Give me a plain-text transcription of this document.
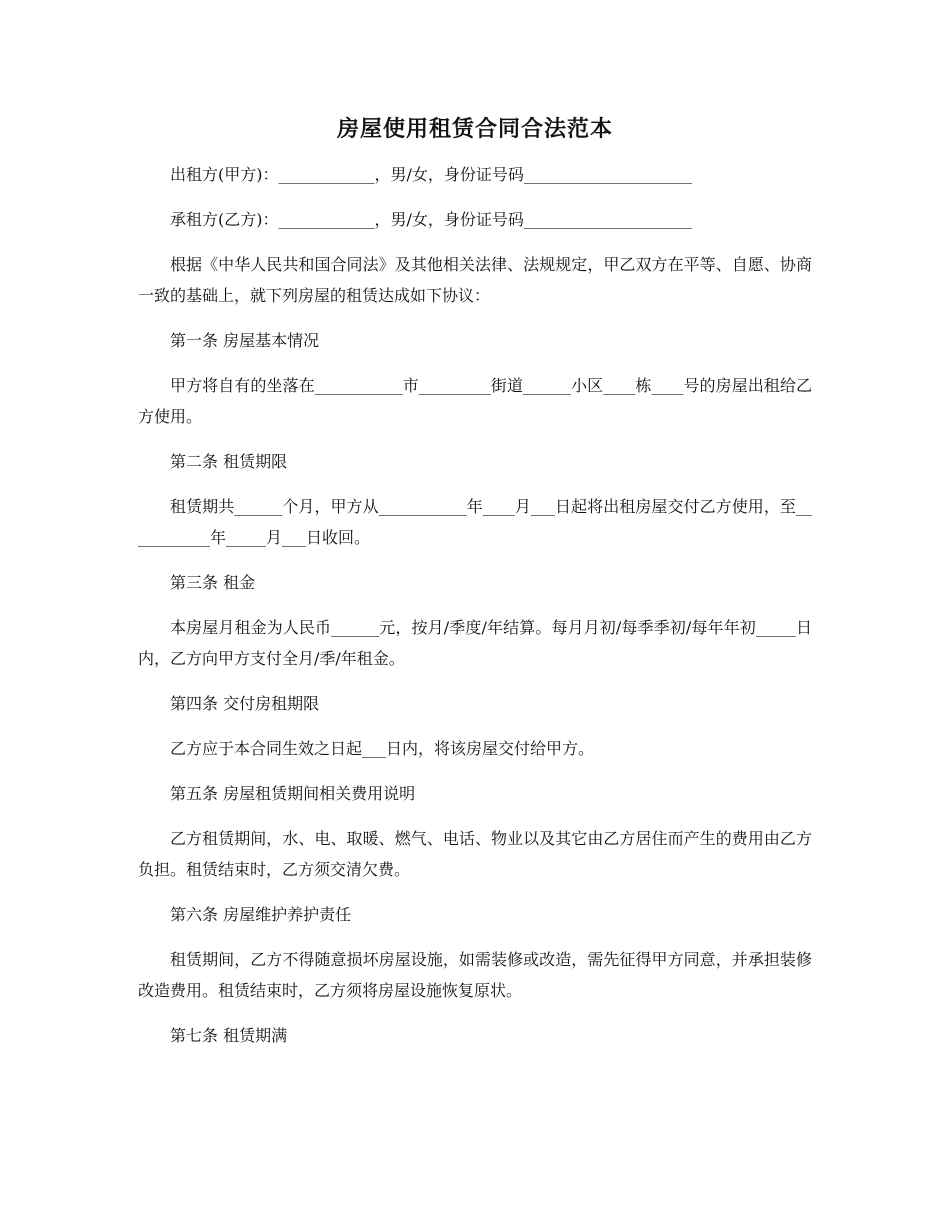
房屋使用租赁合同合法范本

出租方(甲方)：____________，男/女，身份证号码_____________________

承租方(乙方)：____________，男/女，身份证号码_____________________

根据《中华人民共和国合同法》及其他相关法律、法规规定，甲乙双方在平等、自愿、协商一致的基础上，就下列房屋的租赁达成如下协议：

第一条 房屋基本情况

甲方将自有的坐落在___________市_________街道______小区____栋____号的房屋出租给乙方使用。

第二条 租赁期限

租赁期共______个月，甲方从___________年____月___日起将出租房屋交付乙方使用，至___________年_____月___日收回。

第三条 租金

本房屋月租金为人民币______元，按月/季度/年结算。每月月初/每季季初/每年年初_____日内，乙方向甲方支付全月/季/年租金。

第四条 交付房租期限

乙方应于本合同生效之日起___日内，将该房屋交付给甲方。

第五条 房屋租赁期间相关费用说明

乙方租赁期间，水、电、取暖、燃气、电话、物业以及其它由乙方居住而产生的费用由乙方负担。租赁结束时，乙方须交清欠费。

第六条 房屋维护养护责任

租赁期间，乙方不得随意损坏房屋设施，如需装修或改造，需先征得甲方同意，并承担装修改造费用。租赁结束时，乙方须将房屋设施恢复原状。

第七条 租赁期满
